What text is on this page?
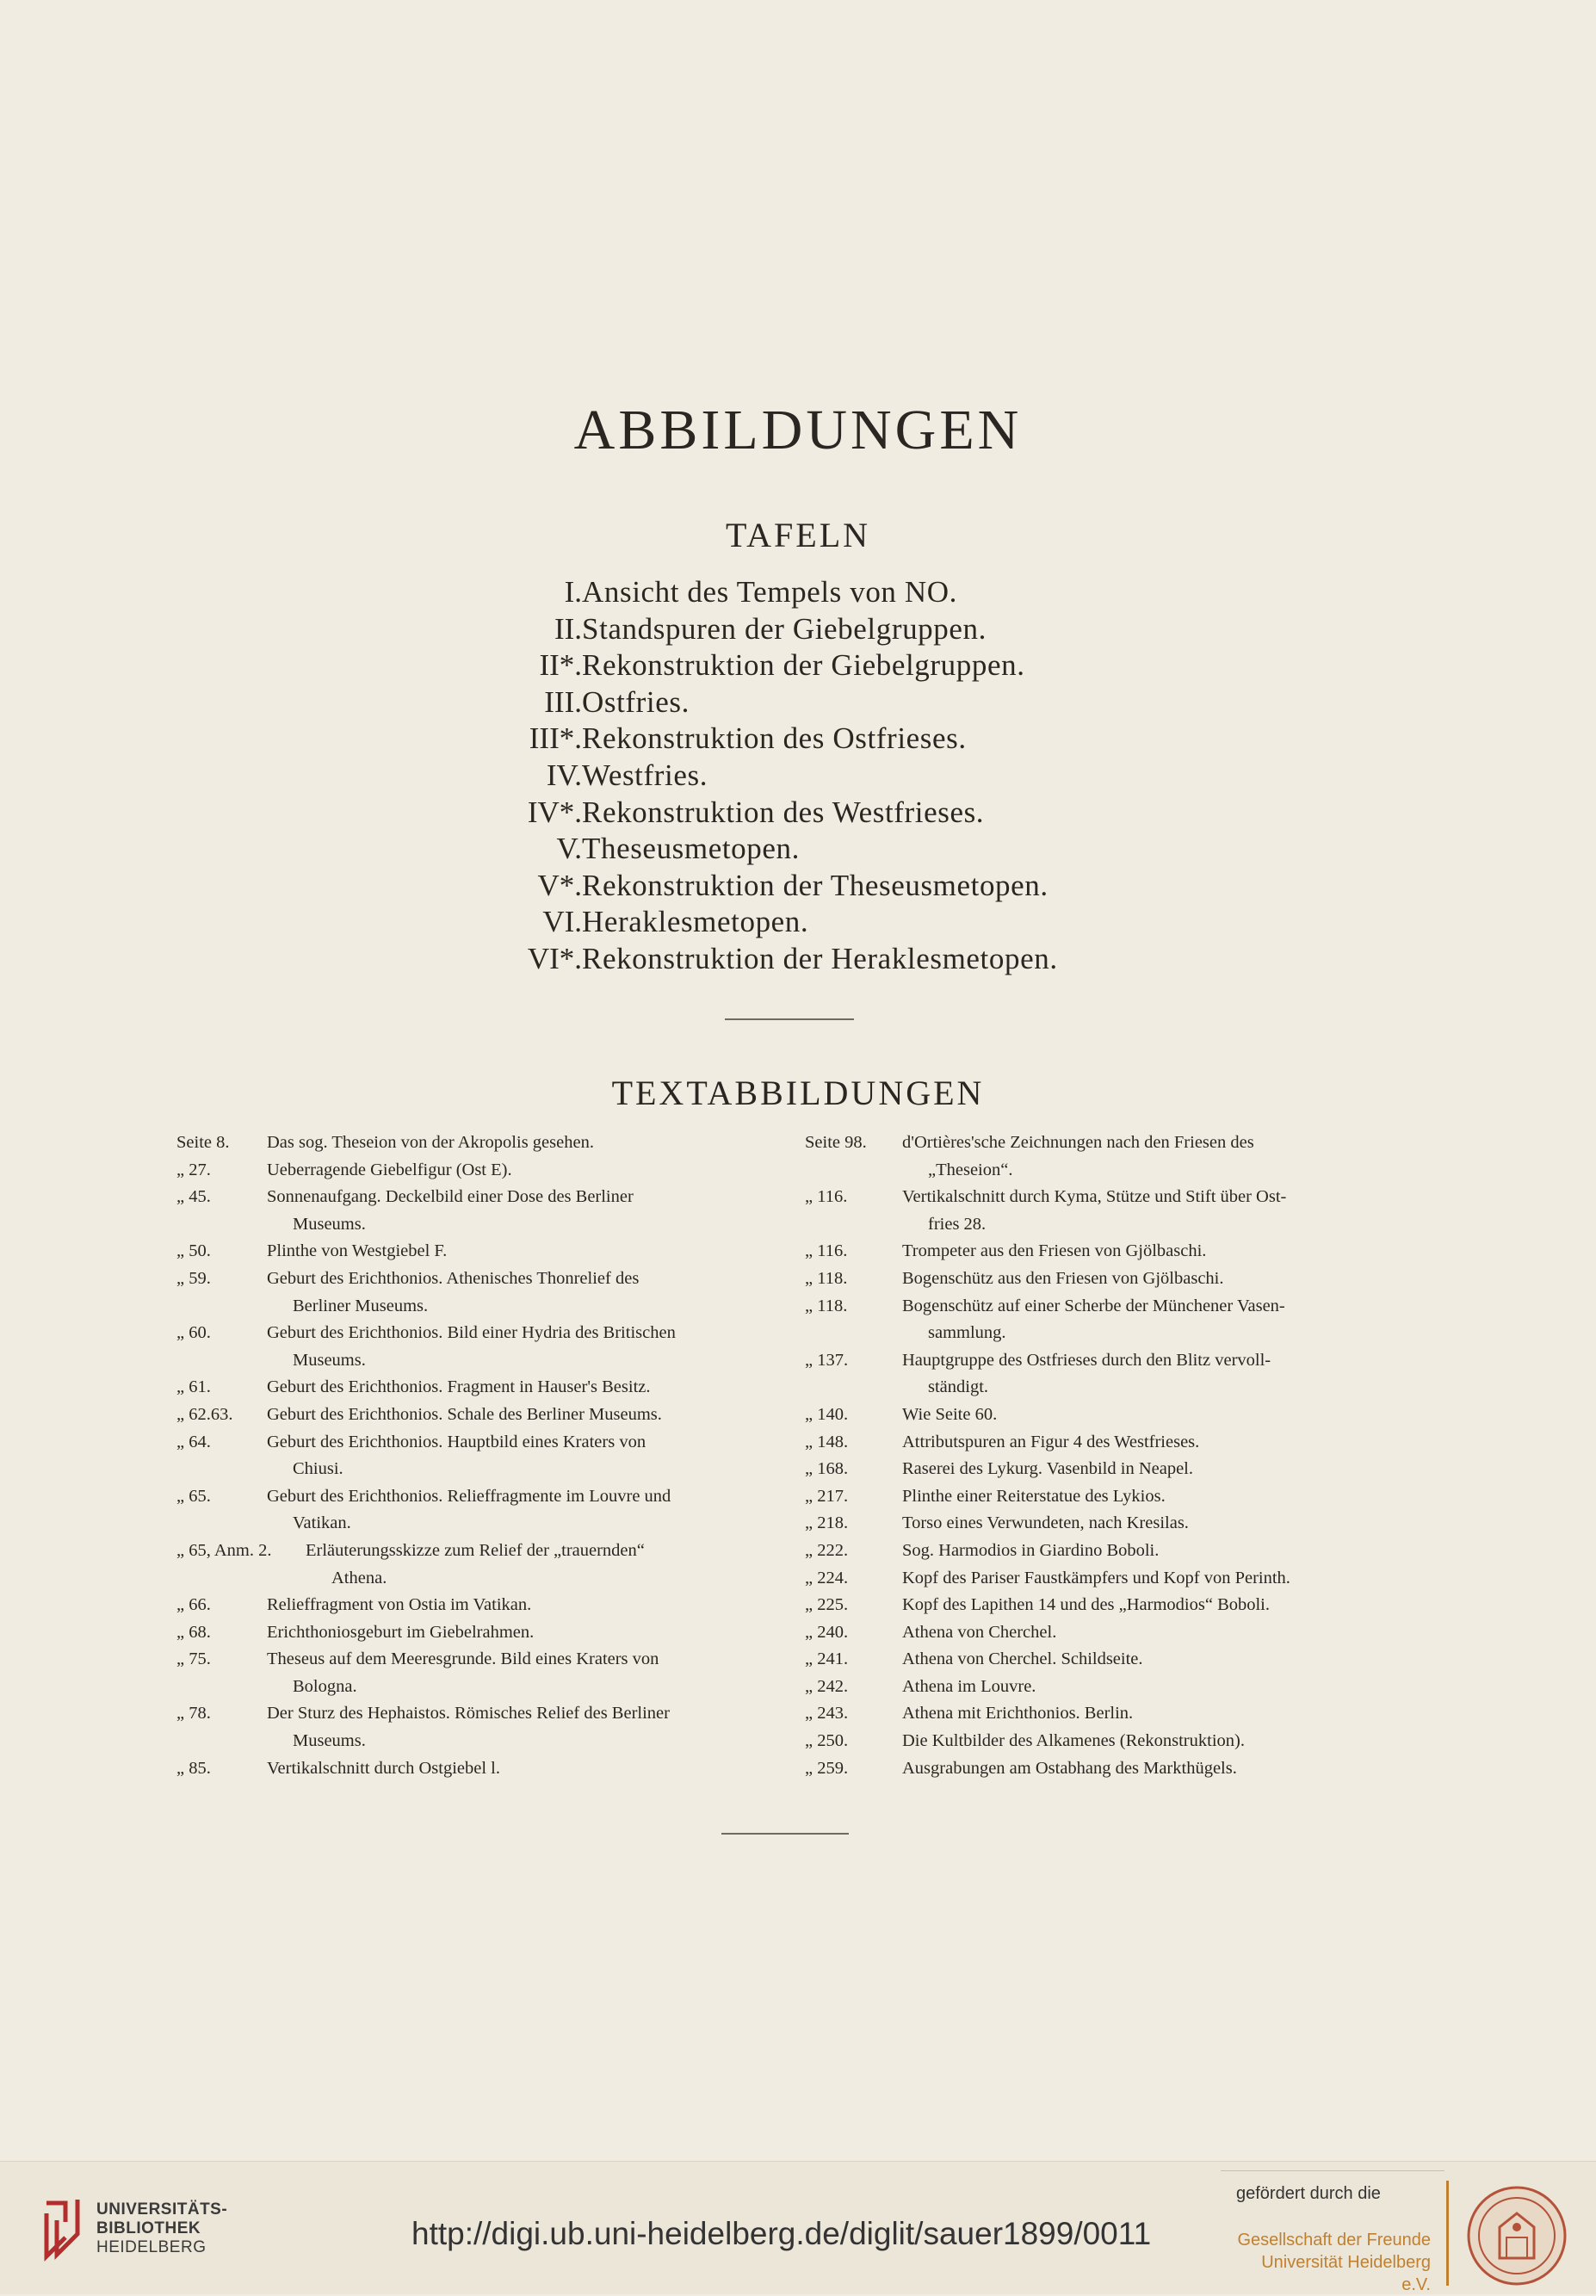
ABBILDUNGEN
TAFELN
I. Ansicht des Tempels von NO.
II. Standspuren der Giebelgruppen.
II*. Rekonstruktion der Giebelgruppen.
III. Ostfries.
III*. Rekonstruktion des Ostfrieses.
IV. Westfries.
IV*. Rekonstruktion des Westfrieses.
V. Theseusmetopen.
V*. Rekonstruktion der Theseusmetopen.
VI. Heraklesmetopen.
VI*. Rekonstruktion der Heraklesmetopen.
TEXTABBILDUNGEN
Seite 8.	Das sog. Theseion von der Akropolis gesehen.
„ 27.	Ueberragende Giebelfigur (Ost E).
„ 45.	Sonnenaufgang. Deckelbild einer Dose des Berliner
Museums.
„ 50.	Plinthe von Westgiebel F.
„ 59.	Geburt des Erichthonios. Athenisches Thonrelief des
Berliner Museums.
„ 60.	Geburt des Erichthonios. Bild einer Hydria des Britischen
Museums.
„ 61.	Geburt des Erichthonios. Fragment in Hauser's Besitz.
„ 62.63.	Geburt des Erichthonios. Schale des Berliner Museums.
„ 64.	Geburt des Erichthonios. Hauptbild eines Kraters von
Chiusi.
„ 65.	Geburt des Erichthonios. Relieffragmente im Louvre und
Vatikan.
„ 65, Anm. 2.	Erläuterungsskizze zum Relief der „trauernden“
Athena.
„ 66.	Relieffragment von Ostia im Vatikan.
„ 68.	Erichthoniosgeburt im Giebelrahmen.
„ 75.	Theseus auf dem Meeresgrunde. Bild eines Kraters von
Bologna.
„ 78.	Der Sturz des Hephaistos. Römisches Relief des Berliner
Museums.
„ 85.	Vertikalschnitt durch Ostgiebel l.
Seite 98.	d'Ortières'sche Zeichnungen nach den Friesen des
„Theseion“.
„ 116.	Vertikalschnitt durch Kyma, Stütze und Stift über Ost-
fries 28.
„ 116.	Trompeter aus den Friesen von Gjölbaschi.
„ 118.	Bogenschütz aus den Friesen von Gjölbaschi.
„ 118.	Bogenschütz auf einer Scherbe der Münchener Vasen-
sammlung.
„ 137.	Hauptgruppe des Ostfrieses durch den Blitz vervoll-
ständigt.
„ 140.	Wie Seite 60.
„ 148.	Attributspuren an Figur 4 des Westfrieses.
„ 168.	Raserei des Lykurg. Vasenbild in Neapel.
„ 217.	Plinthe einer Reiterstatue des Lykios.
„ 218.	Torso eines Verwundeten, nach Kresilas.
„ 222.	Sog. Harmodios in Giardino Boboli.
„ 224.	Kopf des Pariser Faustkämpfers und Kopf von Perinth.
„ 225.	Kopf des Lapithen 14 und des „Harmodios“ Boboli.
„ 240.	Athena von Cherchel.
„ 241.	Athena von Cherchel. Schildseite.
„ 242.	Athena im Louvre.
„ 243.	Athena mit Erichthonios. Berlin.
„ 250.	Die Kultbilder des Alkamenes (Rekonstruktion).
„ 259.	Ausgrabungen am Ostabhang des Markthügels.
UNIVERSITÄTS-
BIBLIOTHEK
HEIDELBERG	http://digi.ub.uni-heidelberg.de/diglit/sauer1899/0011
gefördert durch die
Gesellschaft der Freunde
Universität Heidelberg e.V.
